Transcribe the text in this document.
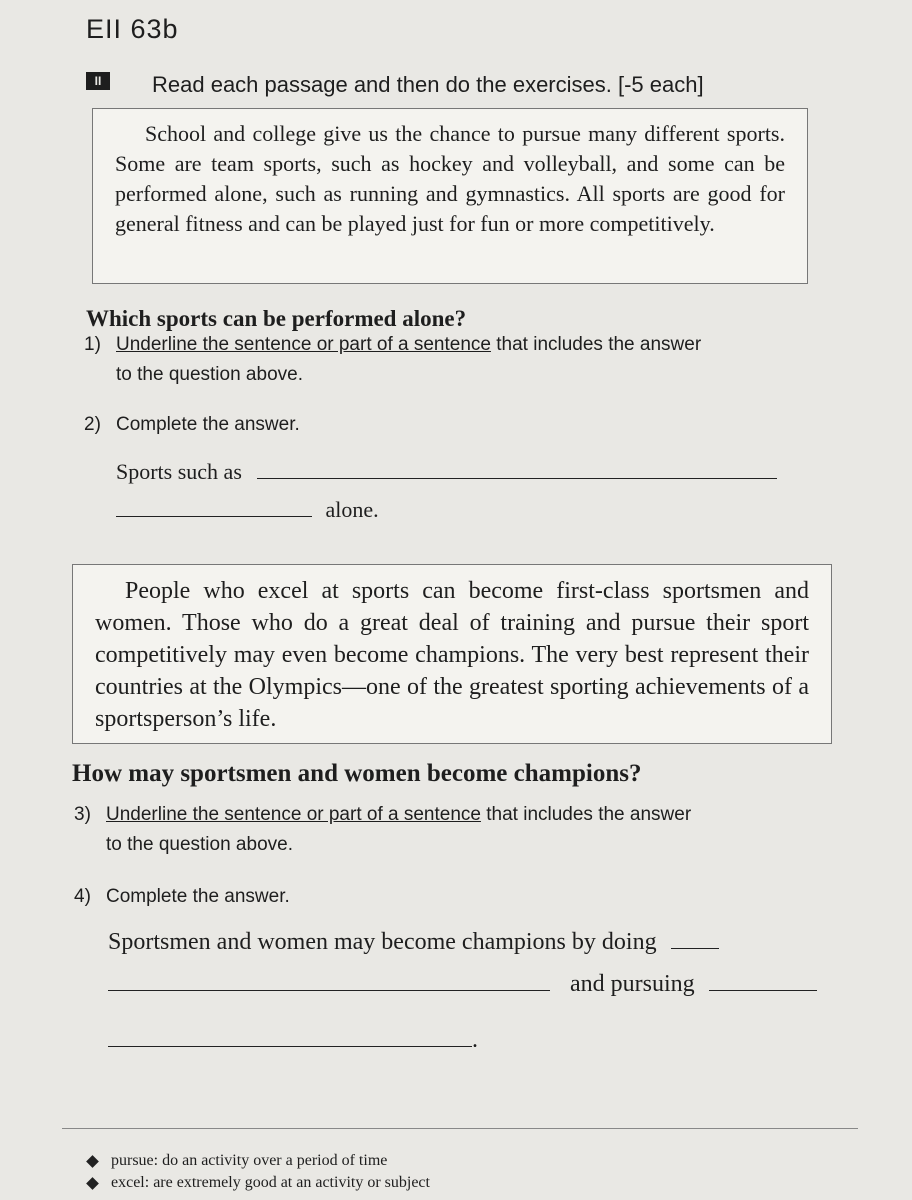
EII 63b
II	Read each passage and then do the exercises. [-5 each]

School and college give us the chance to pursue many different sports. Some are team sports, such as hockey and volleyball, and some can be performed alone, such as running and gymnastics. All sports are good for general fitness and can be played just for fun or more competitively.

Which sports can be performed alone?
1) Underline the sentence or part of a sentence that includes the answer
to the question above.
2) Complete the answer.
Sports such as
alone.

People who excel at sports can become first-class sportsmen and women. Those who do a great deal of training and pursue their sport competitively may even become champions. The very best represent their countries at the Olympics—one of the greatest sporting achievements of a sportsperson’s life.

How may sportsmen and women become champions?
3) Underline the sentence or part of a sentence that includes the answer
to the question above.
4) Complete the answer.
Sportsmen and women may become champions by doing
and pursuing
.
pursue: do an activity over a period of time
excel: are extremely good at an activity or subject
